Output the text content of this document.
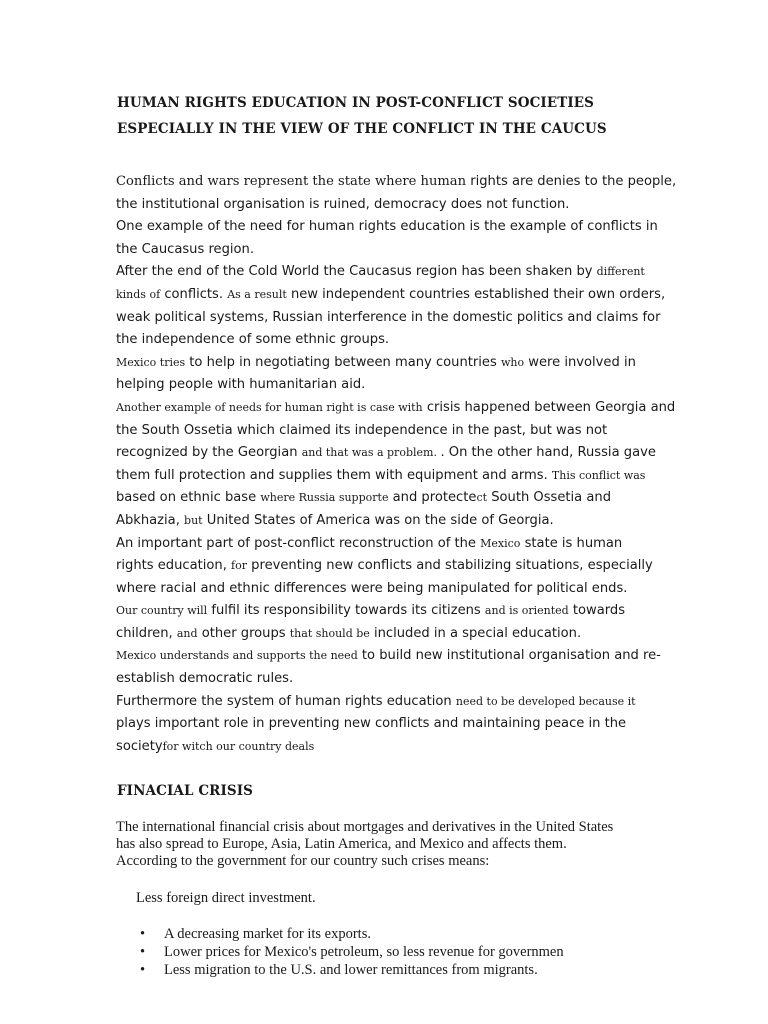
HUMAN RIGHTS EDUCATION IN POST-CONFLICT SOCIETIES
ESPECIALLY IN THE VIEW OF THE CONFLICT IN THE CAUCUS
Conflicts and wars represent the state where human rights are denies to the people,
the institutional organisation is ruined, democracy does not function.
One example of the need for human rights education is the example of conflicts in
the Caucasus region.
After the end of the Cold World the Caucasus region has been shaken by different
kinds of conflicts. As a result new independent countries established their own orders,
weak political systems, Russian interference in the domestic politics and claims for
the independence of some ethnic groups.
Mexico tries to help in negotiating between many countries who were involved in
helping people with humanitarian aid.
Another example of needs for human right is case with crisis happened between Georgia and
the South Ossetia which claimed its independence in the past, but was not
recognized by the Georgian and that was a problem. . On the other hand, Russia gave
them full protection and supplies them with equipment and arms. This conflict was
based on ethnic base where Russia supporte and protectect South Ossetia and
Abkhazia, but United States of America was on the side of Georgia.
An important part of post-conflict reconstruction of the Mexico state is human
rights education, for preventing new conflicts and stabilizing situations, especially
where racial and ethnic differences were being manipulated for political ends.
Our country will fulfil its responsibility towards its citizens and is oriented towards
children, and other groups that should be included in a special education.
Mexico understands and supports the need to build new institutional organisation and re-
establish democratic rules.
Furthermore the system of human rights education need to be developed because it
plays important role in preventing new conflicts and maintaining peace in the
societyfor witch our country deals
FINACIAL CRISIS
The international financial crisis about mortgages and derivatives in the United States
has also spread to Europe, Asia, Latin America, and Mexico and affects them.
According to the government for our country such crises means:
Less foreign direct investment.
• A decreasing market for its exports.
• Lower prices for Mexico's petroleum, so less revenue for governmen
• Less migration to the U.S. and lower remittances from migrants.
